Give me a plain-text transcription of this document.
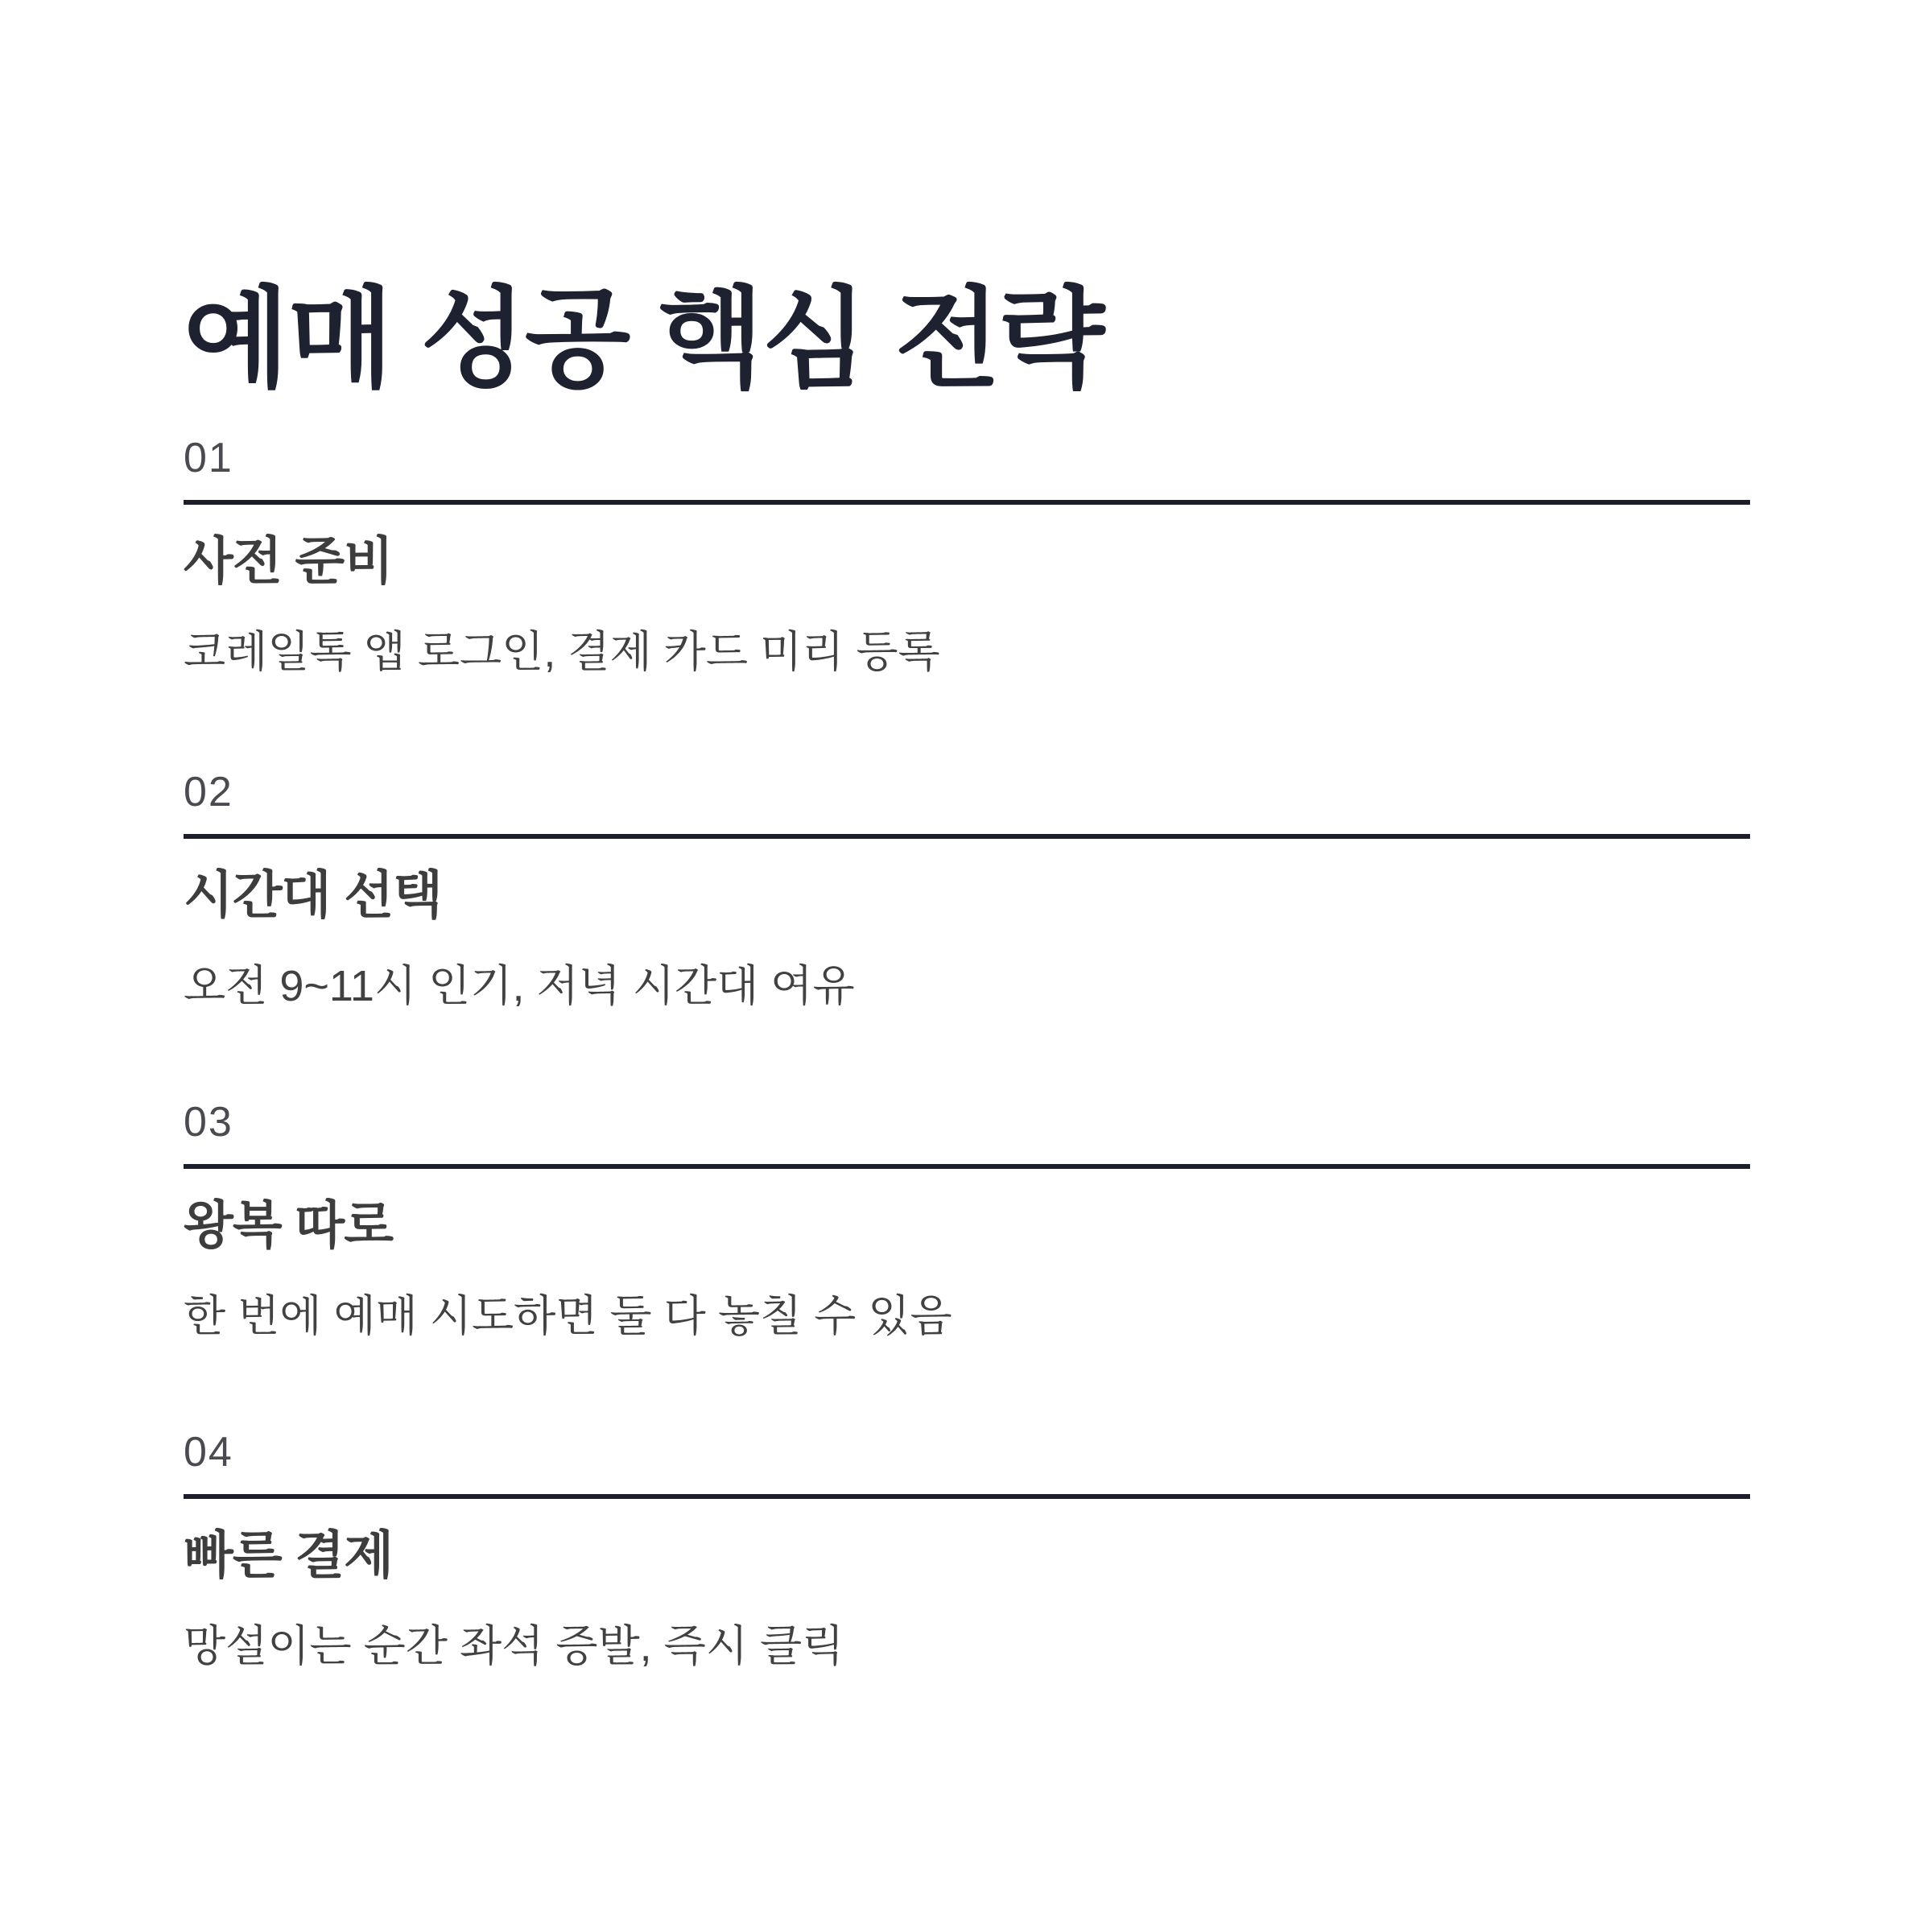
예매 성공 핵심 전략
01
사전 준비
코레일톡 앱 로그인, 결제 카드 미리 등록
02
시간대 선택
오전 9~11시 인기, 저녁 시간대 여유
03
왕복 따로
한 번에 예매 시도하면 둘 다 놓칠 수 있음
04
빠른 결제
망설이는 순간 좌석 증발, 즉시 클릭
